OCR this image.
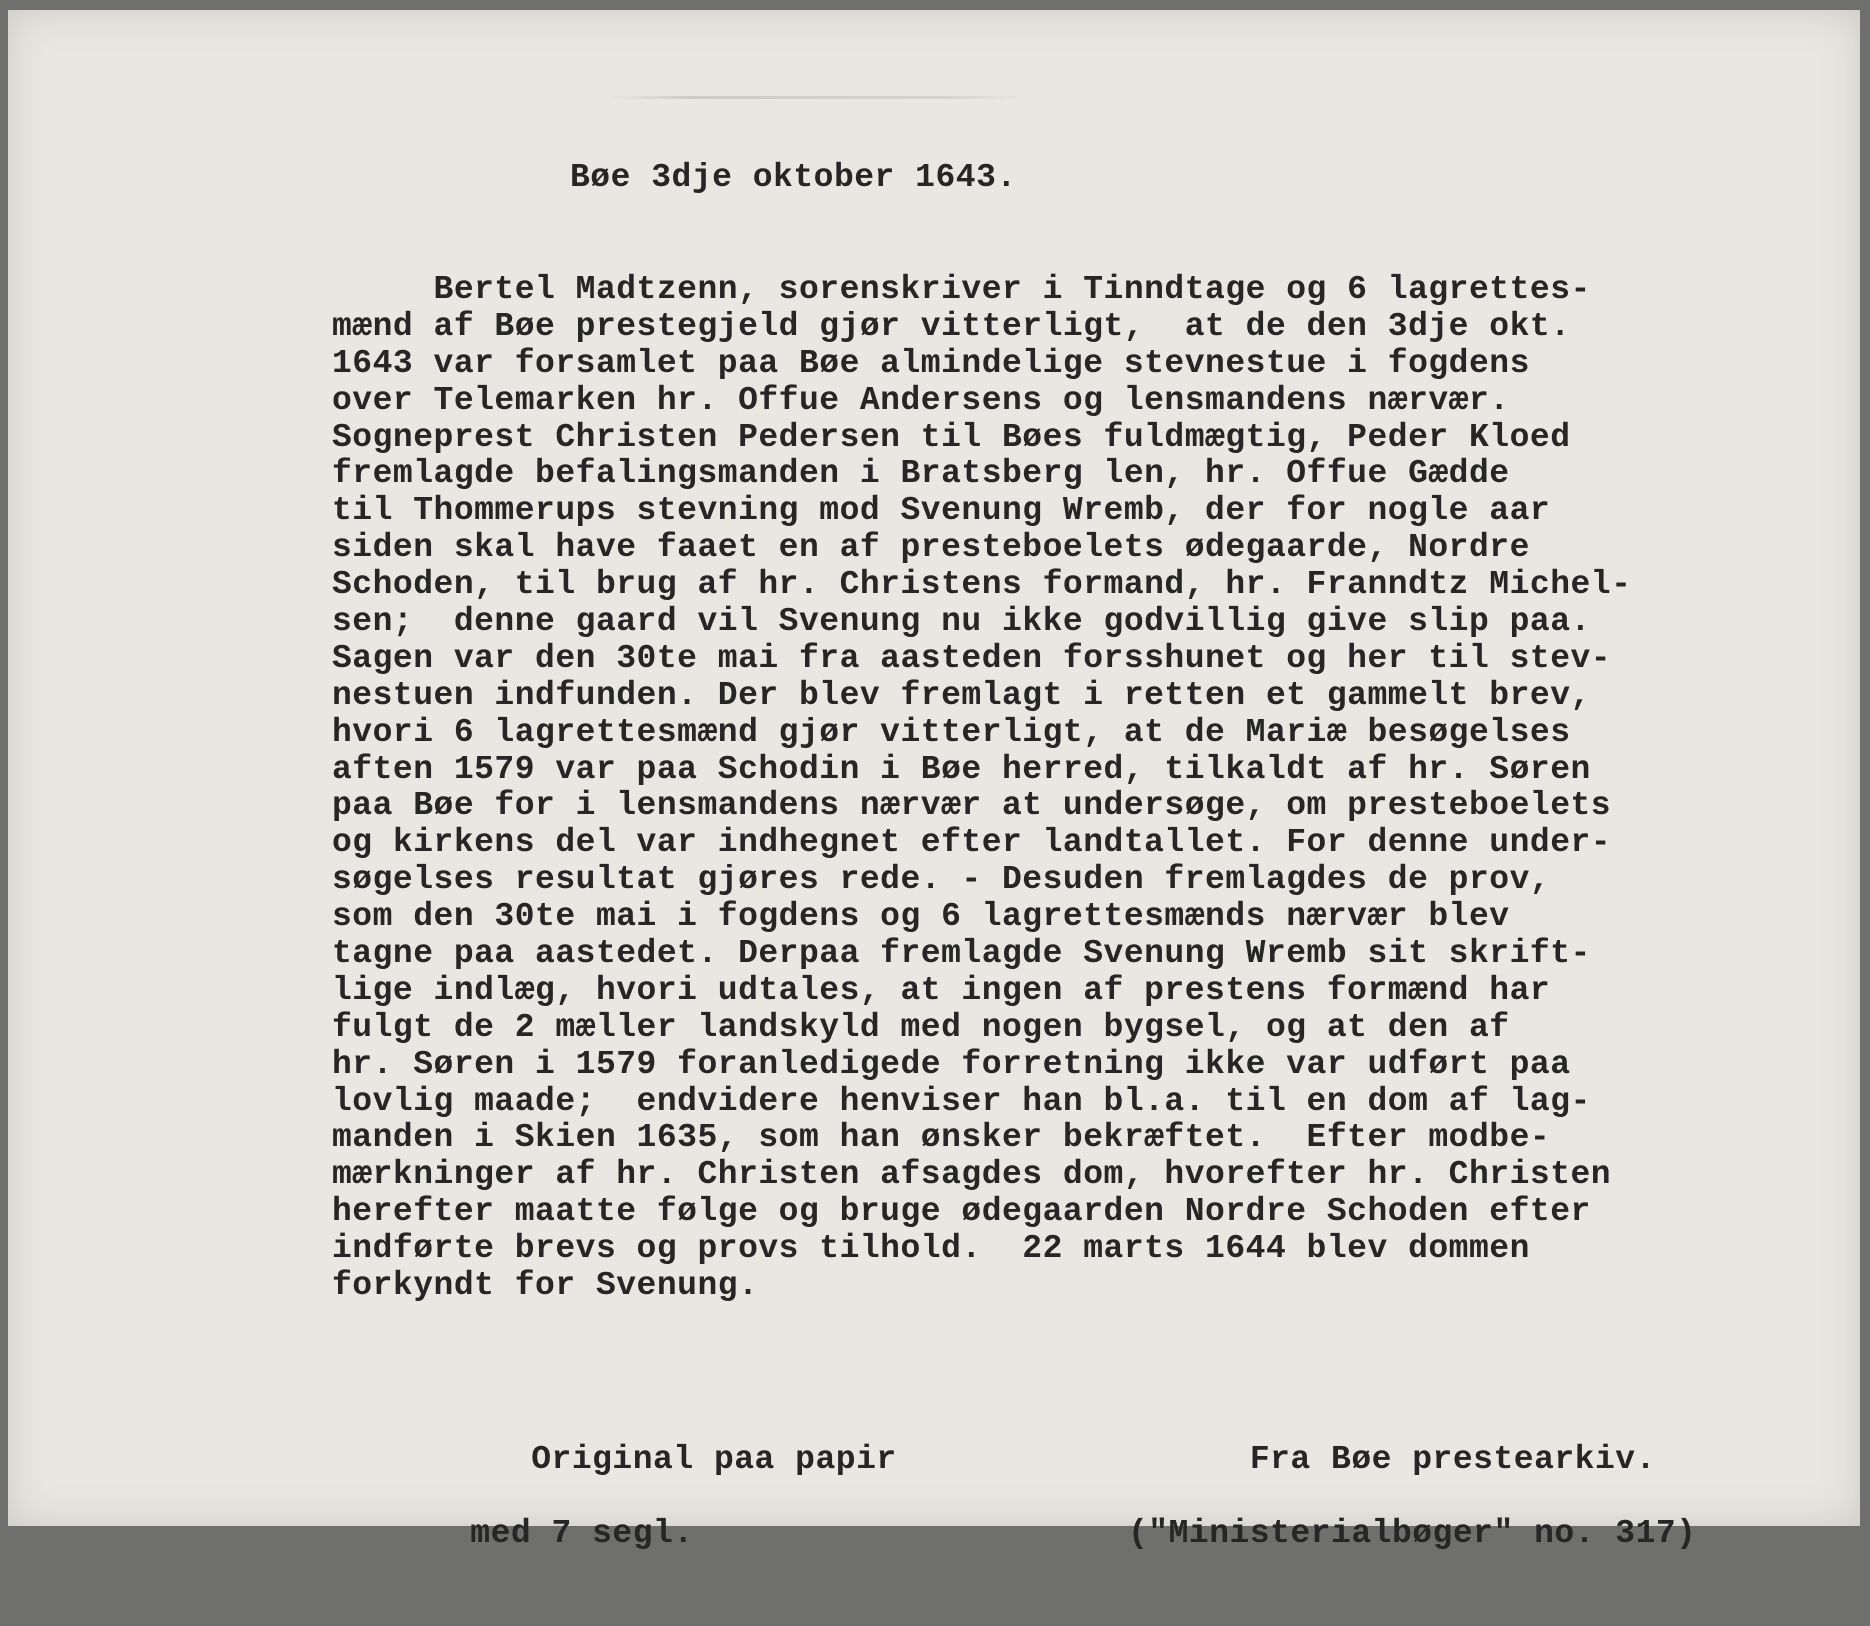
Bøe 3dje oktober 1643.
Bertel Madtzenn, sorenskriver i Tinndtage og 6 lagrettes-
mænd af Bøe prestegjeld gjør vitterligt,  at de den 3dje okt.
1643 var forsamlet paa Bøe almindelige stevnestue i fogdens
over Telemarken hr. Offue Andersens og lensmandens nærvær.
Sogneprest Christen Pedersen til Bøes fuldmægtig, Peder Kloed
fremlagde befalingsmanden i Bratsberg len, hr. Offue Gædde
til Thommerups stevning mod Svenung Wremb, der for nogle aar
siden skal have faaet en af presteboelets ødegaarde, Nordre
Schoden, til brug af hr. Christens formand, hr. Franndtz Michel-
sen;  denne gaard vil Svenung nu ikke godvillig give slip paa.
Sagen var den 30te mai fra aasteden forsshunet og her til stev-
nestuen indfunden. Der blev fremlagt i retten et gammelt brev,
hvori 6 lagrettesmænd gjør vitterligt, at de Mariæ besøgelses
aften 1579 var paa Schodin i Bøe herred, tilkaldt af hr. Søren
paa Bøe for i lensmandens nærvær at undersøge, om presteboelets
og kirkens del var indhegnet efter landtallet. For denne under-
søgelses resultat gjøres rede. - Desuden fremlagdes de prov,
som den 30te mai i fogdens og 6 lagrettesmænds nærvær blev
tagne paa aastedet. Derpaa fremlagde Svenung Wremb sit skrift-
lige indlæg, hvori udtales, at ingen af prestens formænd har
fulgt de 2 mæller landskyld med nogen bygsel, og at den af
hr. Søren i 1579 foranledigede forretning ikke var udført paa
lovlig maade;  endvidere henviser han bl.a. til en dom af lag-
manden i Skien 1635, som han ønsker bekræftet.  Efter modbe-
mærkninger af hr. Christen afsagdes dom, hvorefter hr. Christen
herefter maatte følge og bruge ødegaarden Nordre Schoden efter
indførte brevs og provs tilhold.  22 marts 1644 blev dommen
forkyndt for Svenung.

Original paa papir

med 7 segl.

Fra Bøe prestearkiv.

("Ministerialbøger" no. 317)
